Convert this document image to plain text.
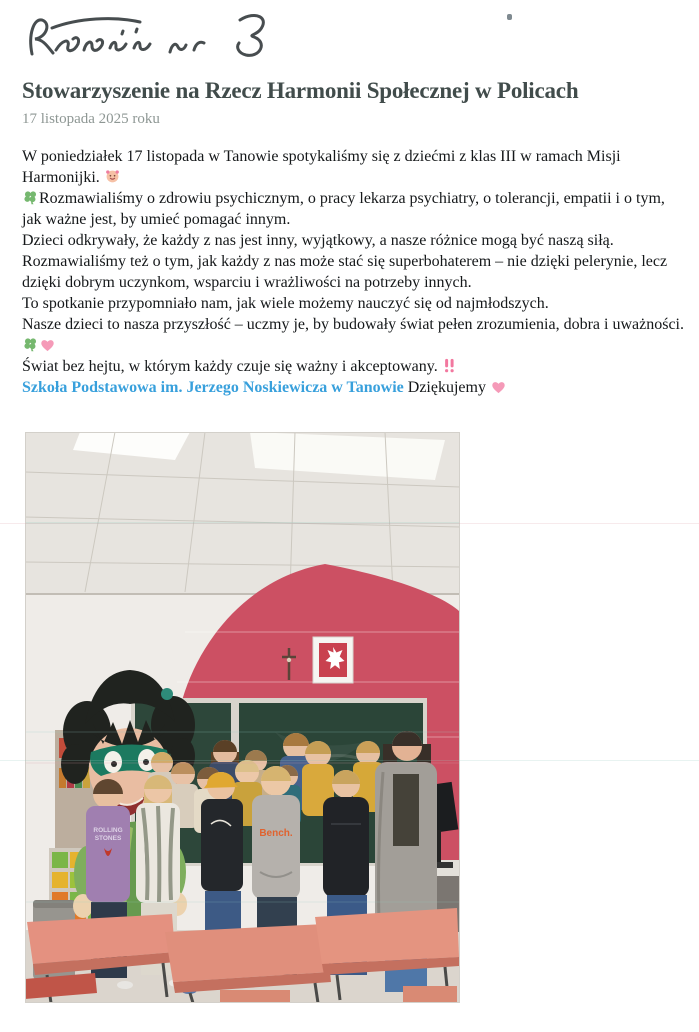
Stowarzyszenie na Rzecz Harmonii Społecznej w Policach
17 listopada 2025 roku

W poniedziałek 17 listopada w Tanowie spotykaliśmy się z dziećmi z klas III w ramach Misji Harmonijki.

Rozmawialiśmy o zdrowiu psychicznym, o pracy lekarza psychiatry, o tolerancji, empatii i o tym, jak ważne jest, by umieć pomagać innym.

Dzieci odkrywały, że każdy z nas jest inny, wyjątkowy, a nasze różnice mogą być naszą siłą.

Rozmawialiśmy też o tym, jak każdy z nas może stać się superbohaterem – nie dzięki pelerynie, lecz dzięki dobrym uczynkom, wsparciu i wrażliwości na potrzeby innych.

To spotkanie przypomniało nam, jak wiele możemy nauczyć się od najmłodszych.

Nasze dzieci to nasza przyszłość – uczmy je, by budowały świat pełen zrozumienia, dobra i uważności.

Świat bez hejtu, w którym każdy czuje się ważny i akceptowany.

Szkoła Podstawowa im. Jerzego Noskiewicza w Tanowie Dziękujemy

ROLLING
STONES	Bench.
